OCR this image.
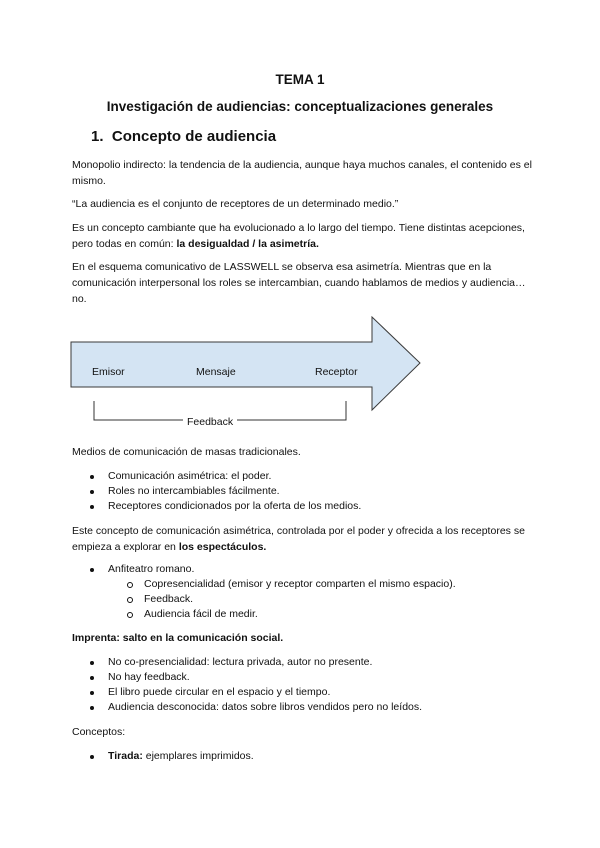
TEMA 1
Investigación de audiencias: conceptualizaciones generales
1. Concepto de audiencia
Monopolio indirecto: la tendencia de la audiencia, aunque haya muchos canales, el contenido es el mismo.
“La audiencia es el conjunto de receptores de un determinado medio.”
Es un concepto cambiante que ha evolucionado a lo largo del tiempo. Tiene distintas acepciones, pero todas en común: la desigualdad / la asimetría.
En el esquema comunicativo de LASSWELL se observa esa asimetría. Mientras que en la comunicación interpersonal los roles se intercambian, cuando hablamos de medios y audiencia…no.
Emisor	Mensaje	Receptor
Feedback
Medios de comunicación de masas tradicionales.
Comunicación asimétrica: el poder.
Roles no intercambiables fácilmente.
Receptores condicionados por la oferta de los medios.
Este concepto de comunicación asimétrica, controlada por el poder y ofrecida a los receptores se empieza a explorar en los espectáculos.
Anfiteatro romano.
Copresencialidad (emisor y receptor comparten el mismo espacio).
Feedback.
Audiencia fácil de medir.
Imprenta: salto en la comunicación social.
No co-presencialidad: lectura privada, autor no presente.
No hay feedback.
El libro puede circular en el espacio y el tiempo.
Audiencia desconocida: datos sobre libros vendidos pero no leídos.
Conceptos:
Tirada: ejemplares imprimidos.
